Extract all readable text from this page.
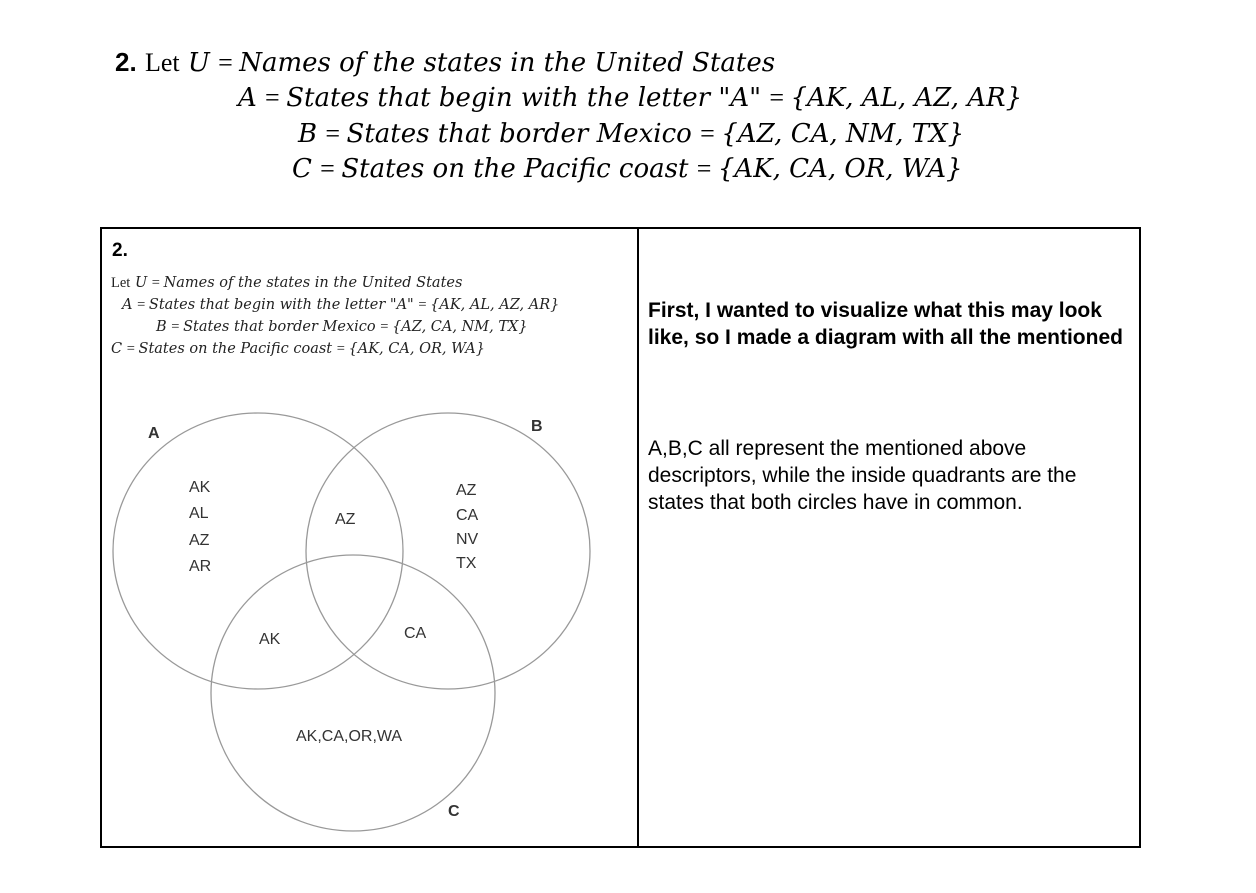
2. Let U = Names of the states in the United States
A = States that begin with the letter "A" = {AK, AL, AZ, AR}
B = States that border Mexico = {AZ, CA, NM, TX}
C = States on the Pacific coast = {AK, CA, OR, WA}
2.
Let U = Names of the states in the United States
A = States that begin with the letter "A" = {AK, AL, AZ, AR}
B = States that border Mexico = {AZ, CA, NM, TX}
C = States on the Pacific coast = {AK, CA, OR, WA}
A	B
C
AK
AL
AZ
AR
AZ
CA
NV
TX
AZ
AK	CA
AK,CA,OR,WA

First, I wanted to visualize what this may look like, so I made a diagram with all the mentioned

A,B,C all represent the mentioned above descriptors, while the inside quadrants are the states that both circles have in common.
